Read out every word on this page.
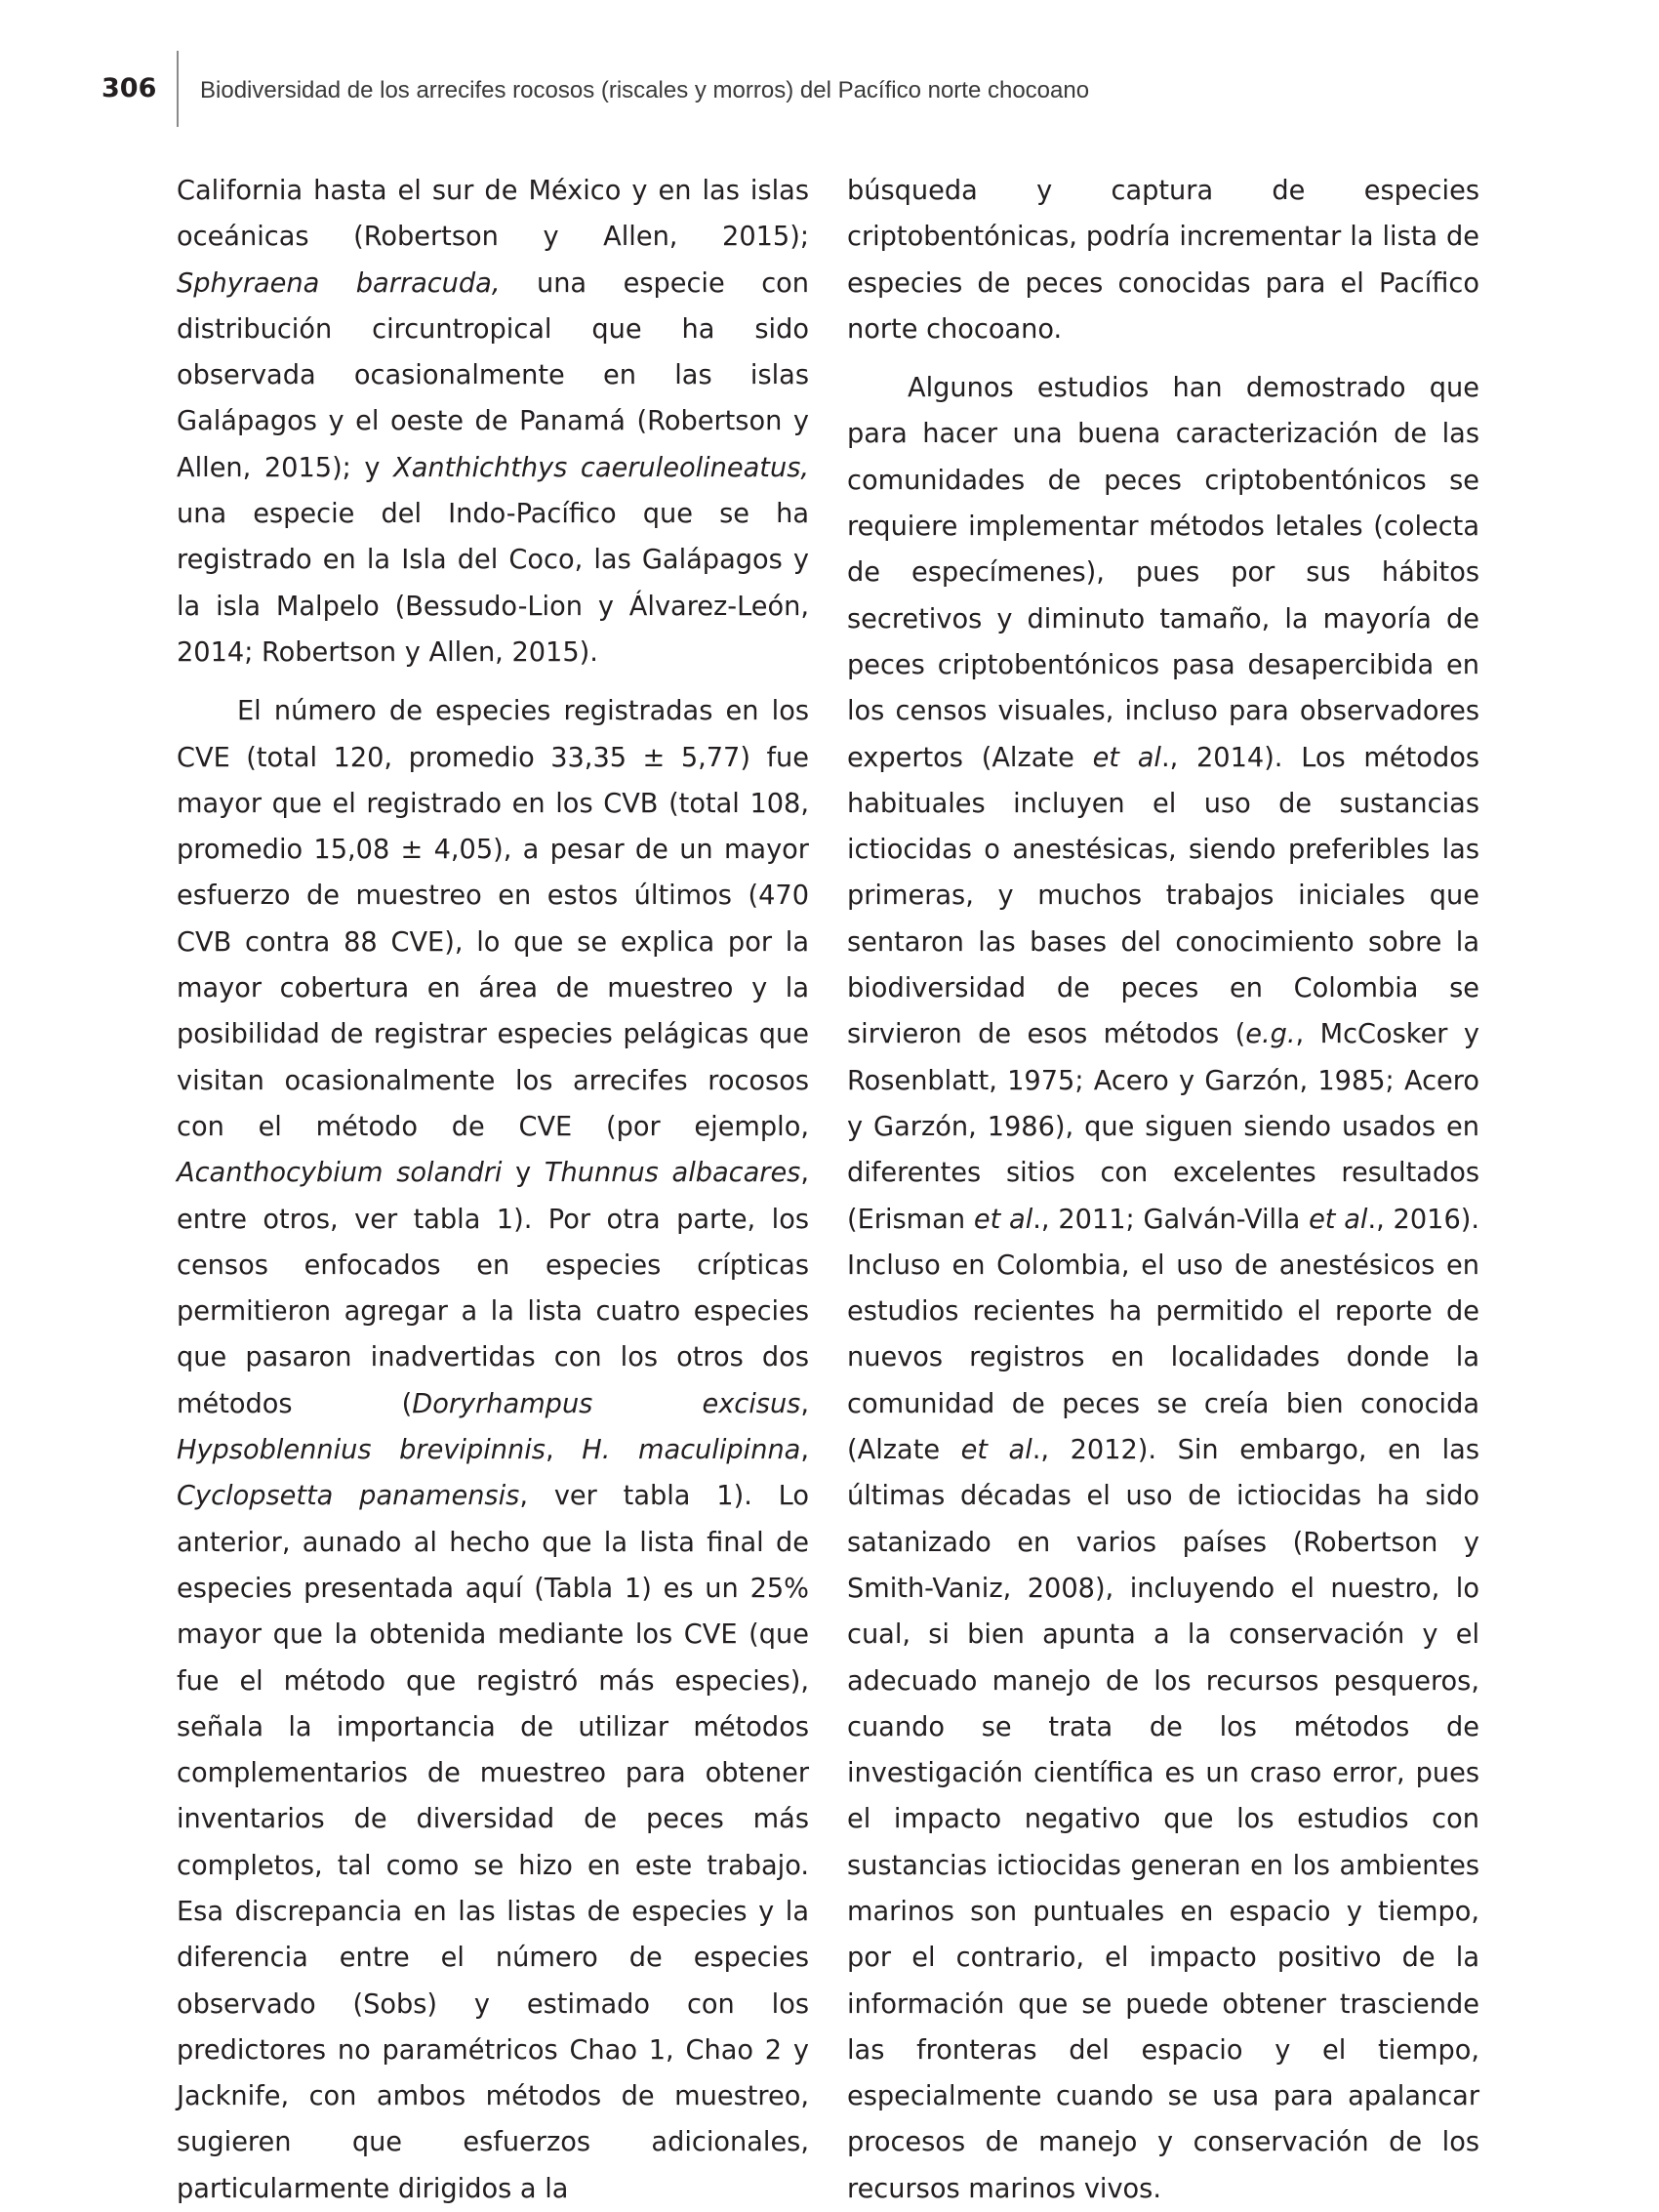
306 Biodiversidad de los arrecifes rocosos (riscales y morros) del Pacífico norte chocoano

California hasta el sur de México y en las islas oceánicas (Robertson y Allen, 2015); Sphyraena barracuda, una especie con distribución circuntropical que ha sido observada ocasionalmente en las islas Galápagos y el oeste de Panamá (Robertson y Allen, 2015); y Xanthichthys caeruleolineatus, una especie del Indo-Pacífico que se ha registrado en la Isla del Coco, las Galápagos y la isla Malpelo (Bessudo-Lion y Álvarez-León, 2014; Robertson y Allen, 2015).

El número de especies registradas en los CVE (total 120, promedio 33,35 ± 5,77) fue mayor que el registrado en los CVB (total 108, promedio 15,08 ± 4,05), a pesar de un mayor esfuerzo de muestreo en estos últimos (470 CVB contra 88 CVE), lo que se explica por la mayor cobertura en área de muestreo y la posibilidad de registrar especies pelágicas que visitan ocasionalmente los arrecifes rocosos con el método de CVE (por ejemplo, Acanthocybium solandri y Thunnus albacares, entre otros, ver tabla 1). Por otra parte, los censos enfocados en especies crípticas permitieron agregar a la lista cuatro especies que pasaron inadvertidas con los otros dos métodos (Doryrhampus excisus, Hypsoblennius brevipinnis, H. maculipinna, Cyclopsetta panamensis, ver tabla 1). Lo anterior, aunado al hecho que la lista final de especies presentada aquí (Tabla 1) es un 25% mayor que la obtenida mediante los CVE (que fue el método que registró más especies), señala la importancia de utilizar métodos complementarios de muestreo para obtener inventarios de diversidad de peces más completos, tal como se hizo en este trabajo. Esa discrepancia en las listas de especies y la diferencia entre el número de especies observado (Sobs) y estimado con los predictores no paramétricos Chao 1, Chao 2 y Jacknife, con ambos métodos de muestreo, sugieren que esfuerzos adicionales, particularmente dirigidos a la

búsqueda y captura de especies criptobentónicas, podría incrementar la lista de especies de peces conocidas para el Pacífico norte chocoano.

Algunos estudios han demostrado que para hacer una buena caracterización de las comunidades de peces criptobentónicos se requiere implementar métodos letales (colecta de especímenes), pues por sus hábitos secretivos y diminuto tamaño, la mayoría de peces criptobentónicos pasa desapercibida en los censos visuales, incluso para observadores expertos (Alzate et al., 2014). Los métodos habituales incluyen el uso de sustancias ictiocidas o anestésicas, siendo preferibles las primeras, y muchos trabajos iniciales que sentaron las bases del conocimiento sobre la biodiversidad de peces en Colombia se sirvieron de esos métodos (e.g., McCosker y Rosenblatt, 1975; Acero y Garzón, 1985; Acero y Garzón, 1986), que siguen siendo usados en diferentes sitios con excelentes resultados (Erisman et al., 2011; Galván-Villa et al., 2016). Incluso en Colombia, el uso de anestésicos en estudios recientes ha permitido el reporte de nuevos registros en localidades donde la comunidad de peces se creía bien conocida (Alzate et al., 2012). Sin embargo, en las últimas décadas el uso de ictiocidas ha sido satanizado en varios países (Robertson y Smith-Vaniz, 2008), incluyendo el nuestro, lo cual, si bien apunta a la conservación y el adecuado manejo de los recursos pesqueros, cuando se trata de los métodos de investigación científica es un craso error, pues el impacto negativo que los estudios con sustancias ictiocidas generan en los ambientes marinos son puntuales en espacio y tiempo, por el contrario, el impacto positivo de la información que se puede obtener trasciende las fronteras del espacio y el tiempo, especialmente cuando se usa para apalancar procesos de manejo y conservación de los recursos marinos vivos.
